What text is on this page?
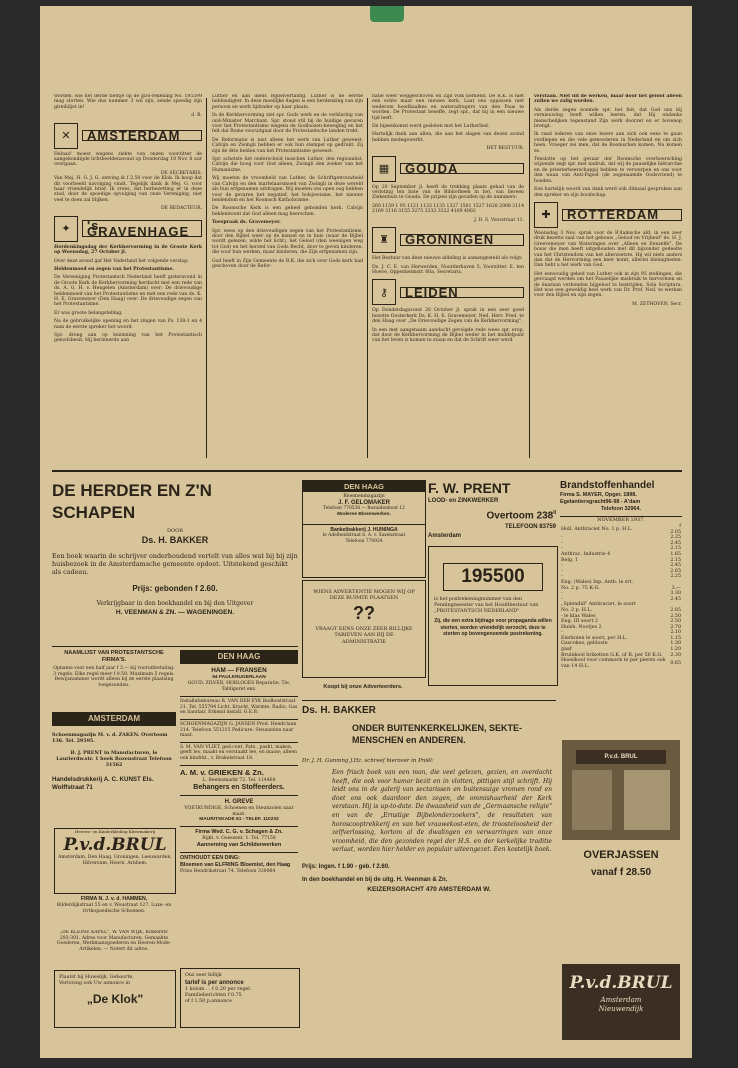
worden, wie het derde tientje op de giro-rekening No. 195599 mag storten. Wie dus nummer 3 wil zijn, zende spoedig zijn gireibiljet in!

d. B.
✕	AMSTERDAM

Helaas! moest wegens ziekte van onzen voorzitter de aangekondigde lichtbeeldenavond op Donderdag 18 Nov. 8 uur overgaan.

DE SECRETARIS.

Van Mej. H. G. J. G. ontving ik f 2.50 voor de Klok. Ik hoop dat dit voorbeeld navolging vindt. Tegelijk dank ik Mej. G. voor haar vriendelijk brief. Ik vrees, dat herbezetting er in deze stad, door de spoedige opvolging van onze Vereniging, niet veel te doen zal blijken.

DE REDACTEUR.
✦	's GRAVENHAGE

Herdenkingsdag der Kerkhervorming in de Groote Kerk op Woensdag, 27 October jl.

Over deze avond gaf Het Vaderland het volgende verslag:

Heldenmoed en zegen van het Protestantisme.

De Vereeniging Protestantsch Nederland heeft gisteravond in de Groote Kerk de Kerkhervorming herdacht met een rede van ds. A. G. H. v. Hengelen (Amsterdam) over: De drievoudige heldenmoed van het Protestantisme en met een rede van ds. K. H. E. Gravemeyer (Den Haag) over: De drievoudige zegen van het Protestantisme.

Er was groote belangstelling.

Na de gebruikelijke opening en het zingen van Ps. 138:1 en 4 nam de eerste spreker het woord.

Spr. drong aan op bezinning van het Protestantisch geloofsbesit. Hij herinnerde aan

Luther en aan diens Bijbelvertaling. Luther is de eerste heldendigter. In deze moeilijke dagen is een herdenking van zijn persoon en werk tijdrader op haar plaats.

In de Kerkhervorming ziet spr. Gods werk en de verklaring van ond-Minister Marchant. Spr. stond stil bij de huidige gevaren voor het Protestantisme wegens de Godloozen-beweging en het felt dat Rome vooruitgaat door de Protestantsche landen trekt.

De Reformatie is niet alleen het werk van Luther geweest. Calvijn en Zwingli hebben er ook hun stempel op gedrukt. Zij zijn de drie helden van het Protestantisme geweest.

Spr. schetste het onderscheid tusschen Luther, den regionalist, Calvijn die hoog voor God alleen, Zwingli den zoeker van het Humanisme.

Wij moeten de vroomheid van Luther, de Schriftgetrouwheid van Calvijn en den martelaarsmoed van Zwingli in deze wereld als hun erfgenamen uitdragen. Wij moeten ons open oog hebben voor de gevaren het negatief, het bolsjewisme, het nieuwe heidendom en het Roomsch Katholicisme.

De Roomsche Kerk is een geheel gebonden kerk. Calvijn beklemtoont dat God alleen mag heerschen.

Toespraak ds. Gravemeyer.

Spr. wees op den drievoudigen zegen van het Protestantisme, door den Bijbel weer op de kansel en in huis (waar de Bijbel wordt gelezen, wilde het licht), het Geloof (den weenigen weg tot God) en het herstel van Gods Recht, door te geven kinderen, die voor hun werken, maar kinderen, die Zijn erfgenamen zijn.

God heeft in Zijn Gemeente de R.K. die zich over Gods kerk had geschoven door de Refor-

natie weer weggeschoven en Zijn volk herkend. De R.K. is niet een echte maar een nieuwe kerk. Laat ons oppassen niet wederom hoodkaalkes en wateradragers van den Paus te worden. De Protestant beseffe, zegt spr., dat hij in een nieuwe tijd leeft.

De bijeenkomst werd gesloten met het Lutherlied.

Hartelijk dank aan allen, die aan het slagen van dezen avond hebben medegewerkt.

HET BESTUUR.
▦	GOUDA

Op 20 September jl. heeft de trekking plaats gehad van de verloting ten bate van de Bibliotheek in het, van liereen Ziekenhuis te Gouda. De prijzen zijn gevallen op de nummers:

260 1159 1 95 1121 1133 1135 1327 1501 1527 1628 2008 2114 2169 3116 3155 3275 3333 3322 4169 4802

J. D. S. Voorstraat 11.
♜	GRONINGEN

Het Bestuur van deze nieuwe afdeling is samengesteld als volgt:

Ds. J. C. E. van Herwerden, Noorderhaven 5, Voorzitter. E. ten Hoeve, Oppenheimstr. 60a, Secretaris.

⚷	LEIDEN

Op Donderdagavond 28 October jl. sprak in een zeer goed bezette Oosterkerk Ds. K. H. E. Gravemeyer, Ned. Herv. Pred. te den Haag over „De Drievoudige Zegen van de Kerkhervorming".

In een met aangenaam aandacht gevolgde rede wees spr. erop, dat door de Kerkhervorming de Bijbel weder in het middelpunt van het leven is komen te staan en dat de Schrift weer werd

verstaan. Niet uit de werken, maar door het geloof alleen zullen we zalig worden.

Als derde zegen noemde spr. het feit, dat God ons bij vernieuwing heeft willen leeren, dat Hij ondanks menschelijken tegenstand Zijn werk doorzet en er bovenop brengt.

Ik raad iederen van onze lezers aan zich ook eens te gaan verdiepen en die vele gemoederen in Nederland en om zich heen. Vroeger zei men, dat de Roomschen komen. Nu komen ze.

Tenslotte op het gevaar der Roomsche overheersching wijzende zegt spr. met nadruk, dat wij de pauselijke hiërarchie en de priesterheerschappij hebben te verwerpen en ons voor den waan van Anti-Papist (de zogenaamde Godsvriend) te hoeden.

Een hartelijk woord van dank werd ook ditmaal gesproken aan den spreker en zijn boodschap.

✚	ROTTERDAM

Woensdag 3 Nov. sprak voor de R'damsche afd. in een zeer druk bezette zaal van het gebouw „Geloof en Vrijheid" ds. H. J. Greevemeyer van Wateringen over „Alleen en Eenzelfe". De bouw die men heeft uitgehouden met dit bijzonder gedeelte van het Christendom van het allerzoetste. Hij wil niets anders dan dat de Hervorming een keer komt, allerlei kleinigheden. Dan hebt u het werk van God.

Het eenvoudig gebed van Luther ook in zijn 95 stellingen, die gevraagd werden om het Pauselijke misbruik te hervormen en de daaraan verbonden bijgeloof te bestrijden. Sola Scriptura. Het was een geweldig heel werk van Dr. Prof. Ned. te werken voor den Bijbel en zijn zegen.

M. ZETHOVEN, Secr.
DE HERDER EN Z'N SCHAPEN
DOOR
Ds. H. BAKKER
Een boek waarin de schrijver onderhoudend vertelt van alles wat bij bij zijn huisbezoek in de Amsterdamsche gemeente opdoet. Uitstekend geschikt als cadeau.
Prijs: gebonden f 2.60.
Verkrijgbaar in den boekhandel en bij den Uitgever
H. VEENMAN & ZN. — WAGENINGEN.
DEN HAAG
Bloemenmagazijn
J. F. GELOMAKER
Telefoon 770536 — Bezuidenhout 12
Moderne Bloemwerken.
Banketbakkerij J. HUININGA
le Adelheidstraat b. A. v. Saxenstraat
Telefoon 770924
F. W. PRENT
LOOD- en ZINKWERKER
Overtoom $238^{II}$
TELEFOON 83759
Amsterdam
Brandstoffenhandel
Firma S. MAYER, Opger. 1898.
Egelantiersgracht96-98 - A'dam
Telefoon 32964.
NOVEMBER 1937.
Holl. Anthraciet No. 1 p. H.L.	f 2.05
-	2.25
-	2.45
-	2.15
Anthrac. Industrie 4	1.65
Belg. 1	2.15
-	2.45
-	2.65
-	2.25
Eng. (Wales) Inp. Anth. le srt.	
No. 2 p. 75 K.G.	3.—
-	3.30
-	2.45
„Splendid" Anthraciet, le soort	
No. 2 p. H.L.	2.85
- le klas Wales	2.50
Eng. III soort 2	2.50
Huish. Nootjes 2	2.70
-	2.10
Eierkolen le soort, per H.L.	1.15
Gascokes, gebloste	1.30
gaaf	1.20
Bruinkool briketten G.K. of R. per 50 K.G.	2.30
Hoeslkool voor commock te per pieren ook van 14 H.L.	0.65
WIENS ADVERTENTIE MOGEN WIJ OP DEZE RUIMTE PLAATSEN
??
VRAAGT EENS ONZE ZEER BILLIJKE TARIEVEN AAN BIJ DE ADMINISTRATIE
195500
is het postrekeningnummer van den Penningmeester van het Hoofdbestuur van „PROTESTANTSCH NEDERLAND".
Zij, die een extra bijdrage voor propaganda willen storten, worden vriendelijk verzocht, deze te storten op bovengenoemde postrekening.
Koopt bij onze Adverteerders.
NAAMLIJST VAN PROTESTANTSCHE FIRMA'S.
Opname voor een half jaar f 3.— bij vooruitbetaling: 3 regels. Elke regel meer f 0.50. Maximum 5 regels. Bewijsnummer wordt alleen bij de eerste plaatsing toegezonden.
AMSTERDAM
Schoenmagazijn M. v. d. ZAKEN. Overtoom 136. Tel. 29595.
B. J. PRENT in Manufacturen, le Laurierdw.str. 1 hoek Rozenstraat Telefoon 31562
Handelsdrukkerij A. C. KUNST Els. Wolffstraat 71
Heeren- en Kinderkleding Kleermakerij
P.v.d.BRUL
Amsterdam, Den Haag, Groningen, Leeuwarden, Hilversum, Hoorn, Arnhem.
FIRMA N. J. v. d. HAMMEN,
Bilderdijkstraat 55 en v. Woustraat 127. Luxe- en Orthopaedische Schoenen.
„DE KLEINE KAPEL", W. VAN WIJK, Kinkerstr. 293-301. Adres voor Manufacturen, Gemaakte Goederen, Werkmansgoederen en Heeren-Mode-Artikelen. — Notert dit adres.
Plaatst bij Huwelijk, Geboorte, Verloving ook Uw annonce in
„De Klok"
DEN HAAG
HAM — FRANSEN
94 PAULKRUGERLAAN
GOUD, ZILVER, HORLOGES Reparatie, Tie, Tabligeret enz.
Installatiebureau R. VAN DER EYK Bodhoststraat 21. Tel. 555794 Licht, Kracht, Warmte, Radio, Gas en Sanitair. Erkend install. G.E.B.
SCHOENMAGAZIJN G. JANSEN Pred. Hendr.laan 214. Telefoon 551215 Pedicure. Steunzolen naar maat.
S. M. VAN VLIET, ged.cont. Pats., pasht, maken, geeft les, maakt en verstaakt lee, en maaw; alleen ook kindrkl., v. Brakelstraat 18.
A. M. v. GRIEKEN & Zn.
L. Beemsmarkt 72. Tel. 114468
Behangers en Stoffeerders.
H. GREVE
VOETKUNDIGE, Schoenen en Steunzolen naar maat.
MAURITSKADE 61 - TELEF. 110233
Firma Wed. C. G. v. Schagen & Zn.
Rijkt. v. Goessent. 1. Tel. 77158
Aanneming van Schilderwerken
ONTHOUDT EEN DING:
Bloemen van ELFRING Bloemist, den Haag
Prins Hendrikstraat 74. Telefoon 330064
Onz zeer billijk
tarief is per annonce
1 kolom . . f 0.20 per regel.
Familieberichten f 0.75
of f 1.50 p.annonce
Ds. H. BAKKER
ONDER BUITENKERKELIJKEN, SEKTE-MENSCHEN en ANDEREN.
Dr. J. H. Gunning J.Hz. schreef hierover in Pniël:
Een frisch boek van een man, die veel gelezen, gezien, en overdacht heeft, die ook voor humor bezit en in vlotten, pittigen stijl schrijft. Hij leidt ons in de galerij van sectarissen en buitensuige vromen rond en doet ons ook daardoor den zegen, de ommishaarheid der Kerk verstaan. Hij is up-to-date. De dwaasheid van de „Germaansche religie" en van de „Ernstige Bijbelonderzoekers", de resultaten van horoscooptrekkerij en van het vraawekost-eten, de troosteloosheid der zelfverlossing, kortom al de dwalingen en verwarringen van onze vroomheid, die den gezonden regel der H.S. en der kerkelijke traditie verlaat, worden hier helder en populair uiteengezet. Een kostelijk boek.
Prijs: Ingen. f 1.90 - geb. f 2.60.
In den boekhandel en bij de uitg. H. Veenman & Zn.
KEIZERSGRACHT 470 AMSTERDAM W.
P.v.d. BRUL
OVERJASSEN
vanaf f 28.50
P.v.d.BRUL
Amsterdam
Nieuwendijk
